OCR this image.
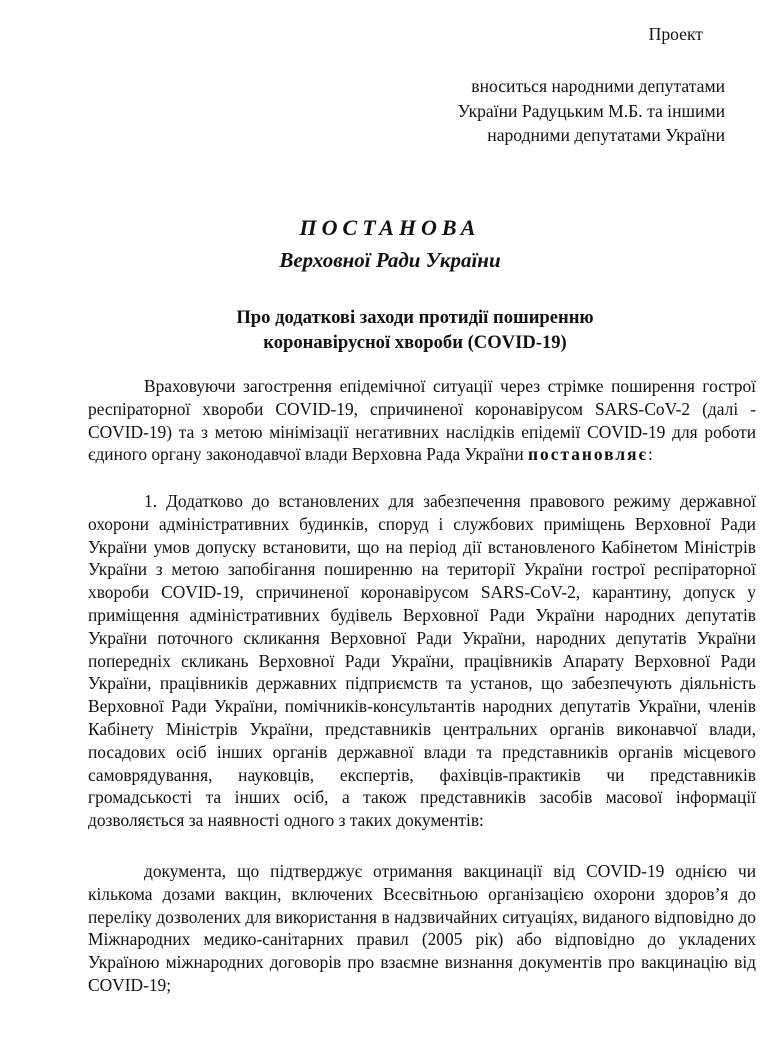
Проект
вноситься народними депутатами
України Радуцьким М.Б. та іншими
народними депутатами України
ПОСТАНОВА
Верховної Ради України
Про додаткові заходи протидії поширенню
коронавірусної хвороби (COVID-19)

Враховуючи загострення епідемічної ситуації через стрімке поширення гострої респіраторної хвороби COVID-19, спричиненої коронавірусом SARS-CoV-2 (далі - COVID-19) та з метою мінімізації негативних наслідків епідемії COVID-19 для роботи єдиного органу законодавчої влади Верховна Рада України постановляє:

1. Додатково до встановлених для забезпечення правового режиму державної охорони адміністративних будинків, споруд і службових приміщень Верховної Ради України умов допуску встановити, що на період дії встановленого Кабінетом Міністрів України з метою запобігання поширенню на території України гострої респіраторної хвороби COVID-19, спричиненої коронавірусом SARS-CoV-2, карантину, допуск у приміщення адміністративних будівель Верховної Ради України народних депутатів України поточного скликання Верховної Ради України, народних депутатів України попередніх скликань Верховної Ради України, працівників Апарату Верховної Ради України, працівників державних підприємств та установ, що забезпечують діяльність Верховної Ради України, помічників-консультантів народних депутатів України, членів Кабінету Міністрів України, представників центральних органів виконавчої влади, посадових осіб інших органів державної влади та представників органів місцевого самоврядування, науковців, експертів, фахівців-практиків чи представників громадськості та інших осіб, а також представників засобів масової інформації дозволяється за наявності одного з таких документів:

документа, що підтверджує отримання вакцинації від COVID-19 однією чи кількома дозами вакцин, включених Всесвітньою організацією охорони здоров’я до переліку дозволених для використання в надзвичайних ситуаціях, виданого відповідно до Міжнародних медико-санітарних правил (2005 рік) або відповідно до укладених Україною міжнародних договорів про взаємне визнання документів про вакцинацію від COVID-19;
